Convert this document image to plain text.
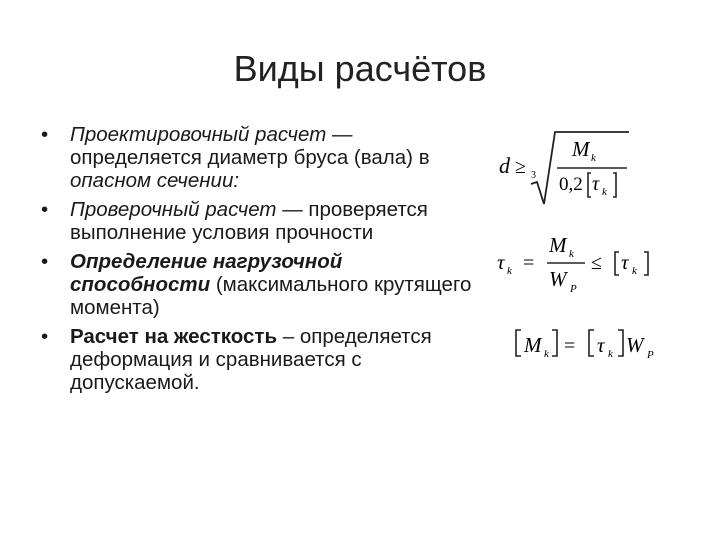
Виды расчётов
• Проектировочный расчет — определяется диаметр бруса (вала) в опасном сечении:
• Проверочный расчет — проверяется выполнение условия прочности
• Определение нагрузочной способности (максимального крутящего момента)
• Расчет на жесткость – определяется деформация и сравнивается с допускаемой.
d ≥ 3
M k
0,2 τ k
τ k =
M k
W P
≤ τ k
M k = τ k W P
